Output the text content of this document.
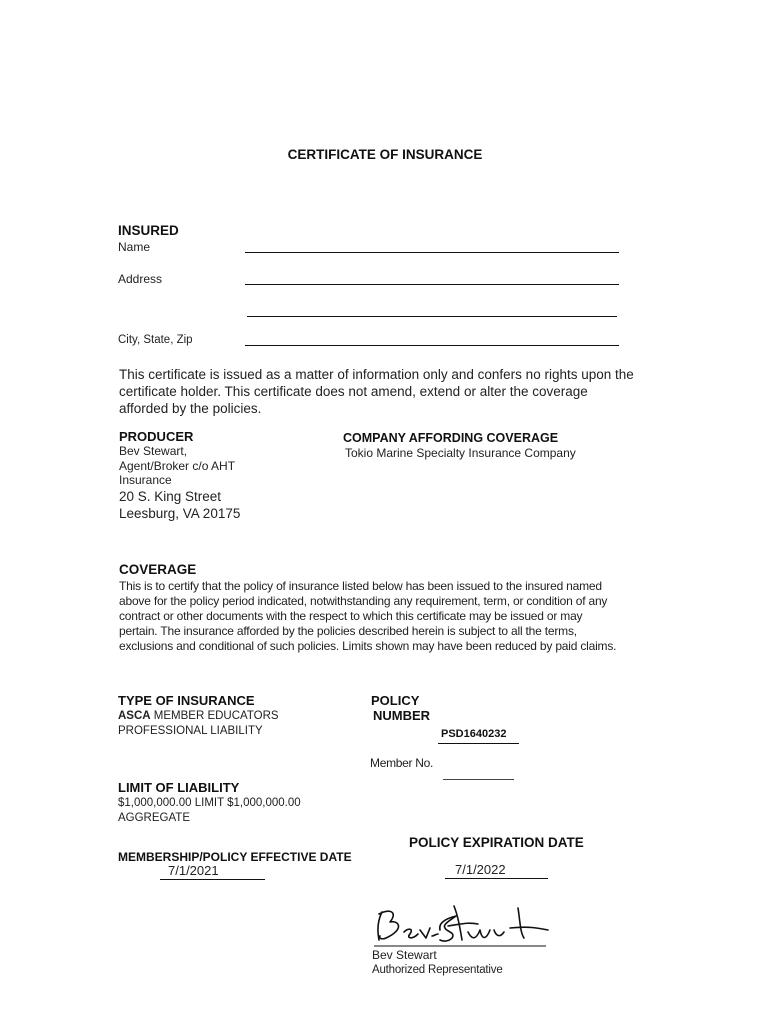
CERTIFICATE OF INSURANCE
INSURED
Name
Address
City, State, Zip
This certificate is issued as a matter of information only and confers no rights upon the certificate holder. This certificate does not amend, extend or alter the coverage afforded by the policies.
PRODUCER
Bev Stewart,
Agent/Broker c/o AHT
Insurance
20 S. King Street
Leesburg, VA 20175
COMPANY AFFORDING COVERAGE
Tokio Marine Specialty Insurance Company
COVERAGE
This is to certify that the policy of insurance listed below has been issued to the insured named above for the policy period indicated, notwithstanding any requirement, term, or condition of any contract or other documents with the respect to which this certificate may be issued or may pertain. The insurance afforded by the policies described herein is subject to all the terms, exclusions and conditional of such policies. Limits shown may have been reduced by paid claims.
TYPE OF INSURANCE
ASCA MEMBER EDUCATORS
PROFESSIONAL LIABILITY
POLICY
NUMBER
PSD1640232
Member No.
LIMIT OF LIABILITY
$1,000,000.00 LIMIT $1,000,000.00
AGGREGATE
POLICY EXPIRATION DATE
7/1/2022
MEMBERSHIP/POLICY EFFECTIVE DATE
7/1/2021
Bev Stewart
Authorized Representative
